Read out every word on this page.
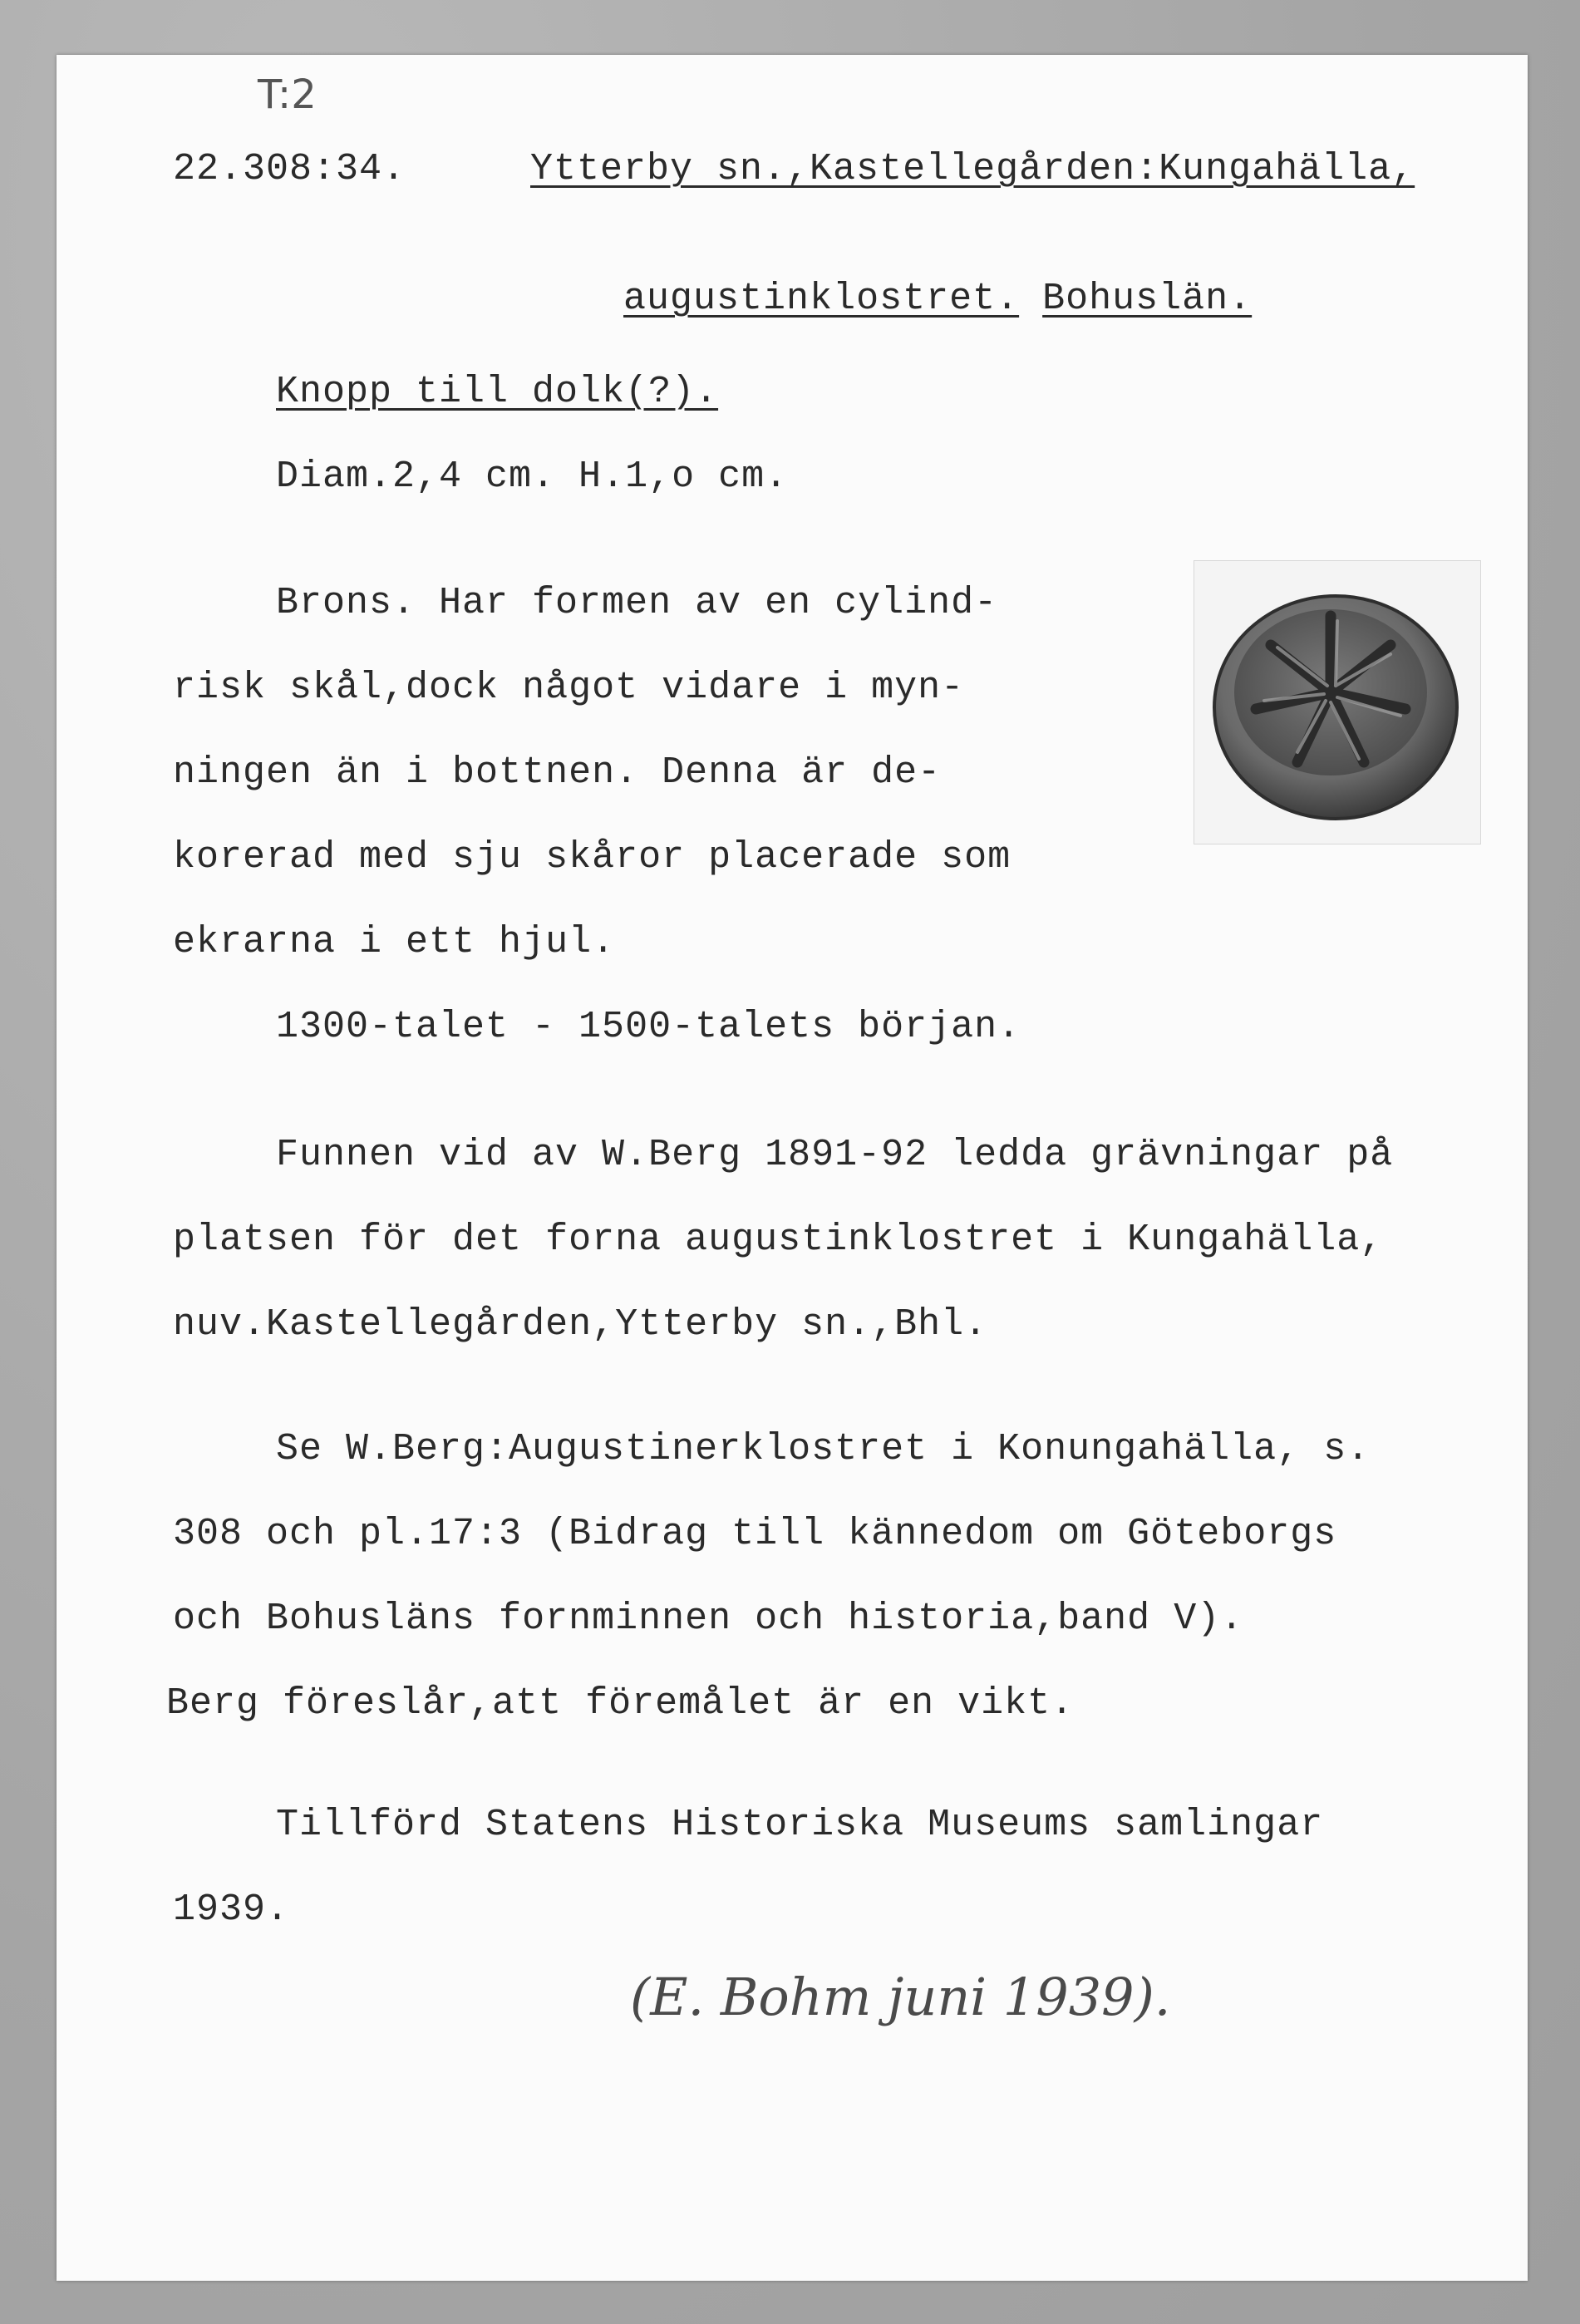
T:2

22.308:34.	Ytterby sn.,Kastellegården:Kungahälla,

augustinklostret. Bohuslän.

Knopp till dolk(?).

Diam.2,4 cm. H.1,o cm.

Brons. Har formen av en cylind-

risk skål,dock något vidare i myn-

ningen än i bottnen. Denna är de-

korerad med sju skåror placerade som

ekrarna i ett hjul.

1300-talet - 1500-talets början.

Funnen vid av W.Berg 1891-92 ledda grävningar på

platsen för det forna augustinklostret i Kungahälla,

nuv.Kastellegården,Ytterby sn.,Bhl.

Se W.Berg:Augustinerklostret i Konungahälla, s.

308 och pl.17:3 (Bidrag till kännedom om Göteborgs

och Bohusläns fornminnen och historia,band V).

Berg föreslår,att föremålet är en vikt.

Tillförd Statens Historiska Museums samlingar

1939.

(E. Bohm juni 1939).
